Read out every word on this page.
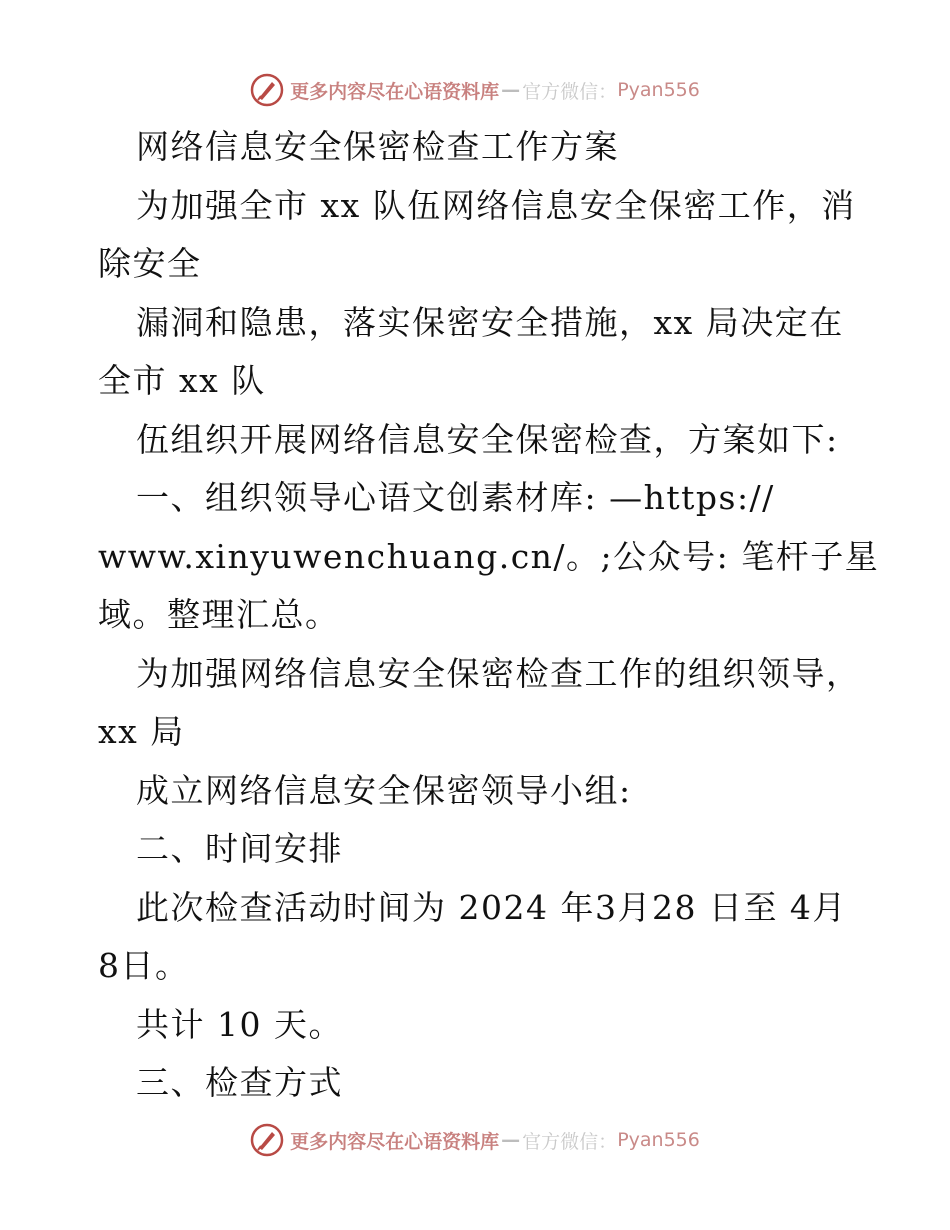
更多内容尽在心语资料库 — 官方微信： Pyan556
网络信息安全保密检查工作方案
为加强全市 xx 队伍网络信息安全保密工作，消
除安全
漏洞和隐患，落实保密安全措施，xx 局决定在
全市 xx 队
伍组织开展网络信息安全保密检查，方案如下:
一、组织领导心语文创素材库: —https://
www.xinyuwenchuang.cn/。;公众号: 笔杆子星
域。整理汇总。
为加强网络信息安全保密检查工作的组织领导，
xx 局
成立网络信息安全保密领导小组:
二、时间安排
此次检查活动时间为 2024 年3月28 日至 4月
8日。
共计 10 天。
三、检查方式
更多内容尽在心语资料库 — 官方微信： Pyan556
